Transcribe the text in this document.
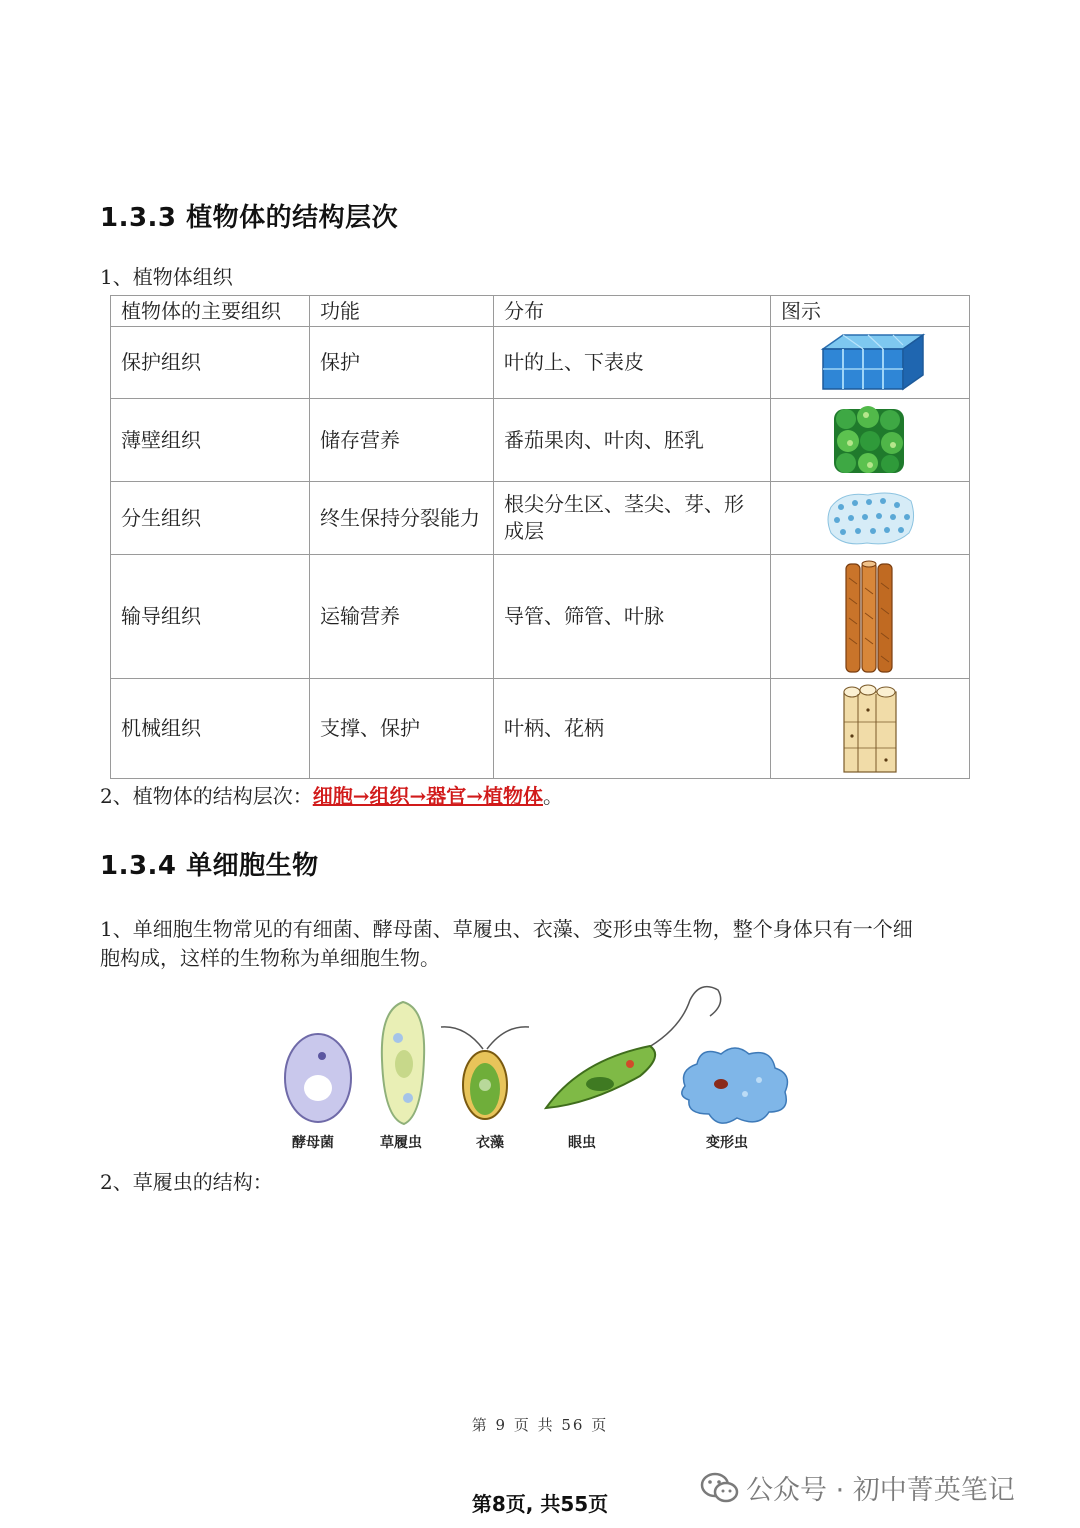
1.3.3 植物体的结构层次
1、植物体组织
植物体的主要组织	功能	分布	图示
保护组织	保护	叶的上、下表皮	

薄壁组织	储存营养	番茄果肉、叶肉、胚乳	

分生组织	终生保持分裂能力	根尖分生区、茎尖、芽、形成层	

输导组织	运输营养	导管、筛管、叶脉	

机械组织	支撑、保护	叶柄、花柄	
2、植物体的结构层次：细胞→组织→器官→植物体。
1.3.4 单细胞生物
1、单细胞生物常见的有细菌、酵母菌、草履虫、衣藻、变形虫等生物，整个身体只有一个细
胞构成，这样的生物称为单细胞生物。
酵母菌	草履虫	衣藻	眼虫	变形虫
2、草履虫的结构：
第 9 页 共 56 页
第8页, 共55页	公众号 · 初中菁英笔记
